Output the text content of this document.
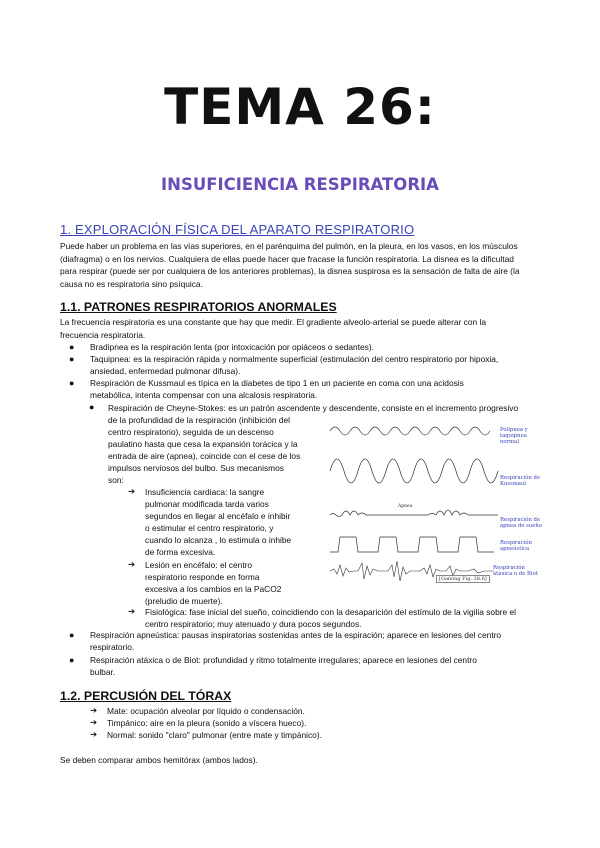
TEMA 26:
INSUFICIENCIA RESPIRATORIA
1. EXPLORACIÓN FÍSICA DEL APARATO RESPIRATORIO
Puede haber un problema en las vías superiores, en el parénquima del pulmón, en la pleura, en los vasos, en los músculos
(diafragma) o en los nervios. Cualquiera de ellas puede hacer que fracase la función respiratoria. La disnea es la dificultad
para respirar (puede ser por cualquiera de los anteriores problemas), la disnea suspirosa es la sensación de falta de aire (la
causa no es respiratoria sino psíquica.
1.1. PATRONES RESPIRATORIOS ANORMALES
La frecuencia respiratoria es una constante que hay que medir. El gradiente alveolo-arterial se puede alterar con la
frecuencia respiratoria.
● Bradipnea es la respiración lenta (por intoxicación por opiáceos o sedantes).
● Taquipnea: es la respiración rápida y normalmente superficial (estimulación del centro respiratorio por hipoxia,
ansiedad, enfermedad pulmonar difusa).
● Respiración de Kussmaul es típica en la diabetes de tipo 1 en un paciente en coma con una acidosis
metabólica, intenta compensar con una alcalosis respiratoria.
● Respiración de Cheyne-Stokes: es un patrón ascendente y descendente, consiste en el incremento progresivo
de la profundidad de la respiración (inhibición del
centro respiratorio), seguida de un descenso
paulatino hasta que cesa la expansión torácica y la
entrada de aire (apnea), coincide con el cese de los
impulsos nerviosos del bulbo. Sus mecanismos
son:
➔ Insuficiencia cardiaca: la sangre
pulmonar modificada tarda varios
segundos en llegar al encéfalo e inhibir
o estimular el centro respiratorio, y
cuando lo alcanza , lo estimula o inhibe
de forma excesiva.
➔ Lesión en encéfalo: el centro
respiratorio responde en forma
excesiva a los cambios en la PaCO2
(preludio de muerte).
➔ Fisiológica: fase inicial del sueño, coincidiendo con la desaparición del estímulo de la vigilia sobre el
centro respiratorio; muy atenuado y dura pocos segundos.
Polipnea y taquipnea normal
Respiración de Kussmaul
Apnea
Respiración de apnea de sueño
Respiración apneústica
Respiración atáxica o de Biot
[Ganong Fig. 28.6]
● Respiración apneústica: pausas inspiratorias sostenidas antes de la espiración; aparece en lesiones del centro
respiratorio.
● Respiración atáxica o de Biot: profundidad y ritmo totalmente irregulares; aparece en lesiones del centro
bulbar.
1.2. PERCUSIÓN DEL TÓRAX
➔ Mate: ocupación alveolar por líquido o condensación.
➔ Timpánico: aire en la pleura (sonido a víscera hueco).
➔ Normal: sonido "claro" pulmonar (entre mate y timpánico).
Se deben comparar ambos hemitórax (ambos lados).
